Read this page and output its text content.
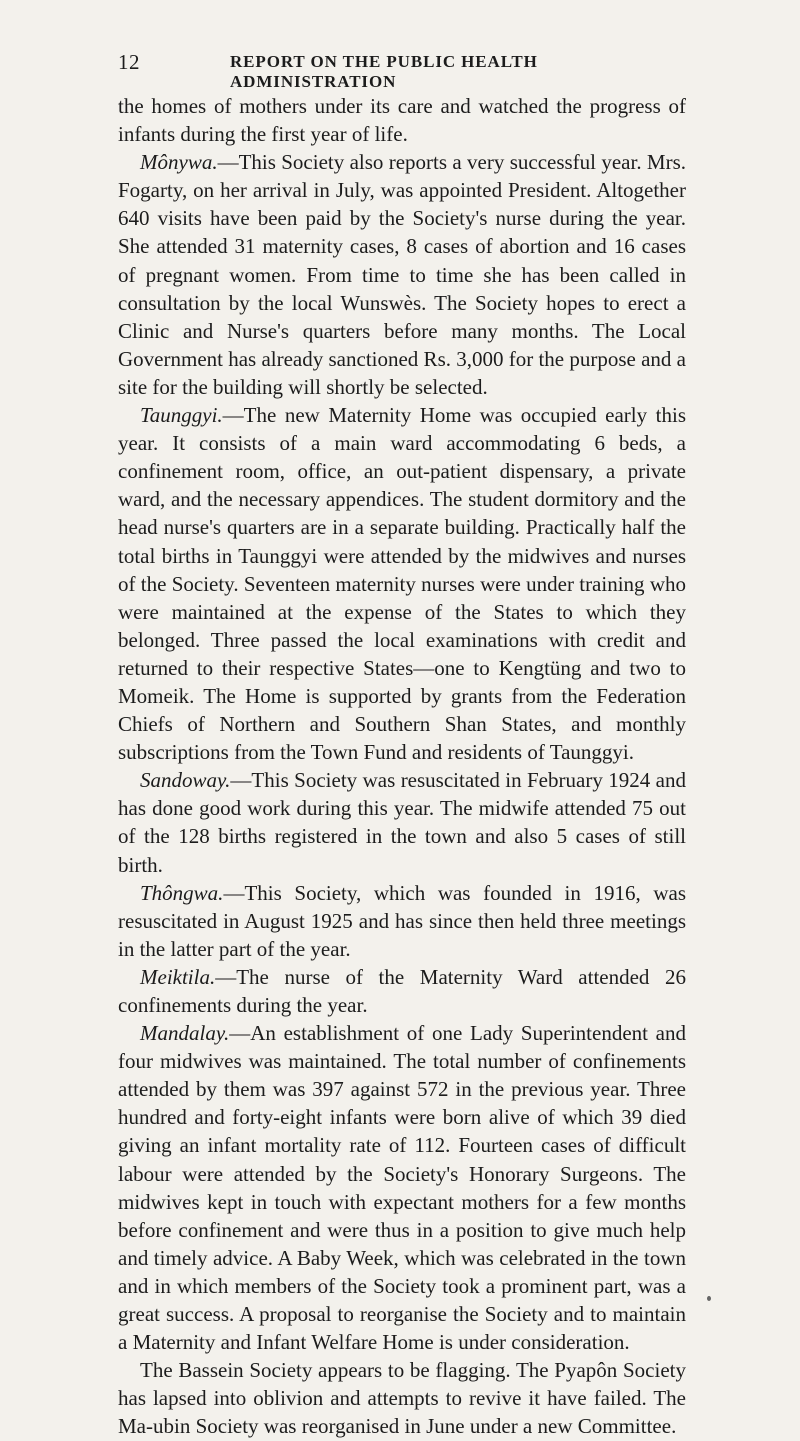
12	REPORT ON THE PUBLIC HEALTH ADMINISTRATION

the homes of mothers under its care and watched the progress of infants during the first year of life.

Mônywa.—This Society also reports a very successful year. Mrs. Fogarty, on her arrival in July, was appointed President. Altogether 640 visits have been paid by the Society's nurse during the year. She attended 31 maternity cases, 8 cases of abortion and 16 cases of pregnant women. From time to time she has been called in consultation by the local Wunswès. The Society hopes to erect a Clinic and Nurse's quarters before many months. The Local Government has already sanctioned Rs. 3,000 for the purpose and a site for the building will shortly be selected.

Taunggyi.—The new Maternity Home was occupied early this year. It consists of a main ward accommodating 6 beds, a confinement room, office, an out-patient dispensary, a private ward, and the necessary appendices. The student dormitory and the head nurse's quarters are in a separate building. Practically half the total births in Taunggyi were attended by the midwives and nurses of the Society. Seventeen maternity nurses were under training who were maintained at the expense of the States to which they belonged. Three passed the local examinations with credit and returned to their respective States—one to Kengtüng and two to Momeik. The Home is supported by grants from the Federation Chiefs of Northern and Southern Shan States, and monthly subscriptions from the Town Fund and residents of Taunggyi.

Sandoway.—This Society was resuscitated in February 1924 and has done good work during this year. The midwife attended 75 out of the 128 births registered in the town and also 5 cases of still birth.

Thôngwa.—This Society, which was founded in 1916, was resuscitated in August 1925 and has since then held three meetings in the latter part of the year.

Meiktila.—The nurse of the Maternity Ward attended 26 confinements during the year.

Mandalay.—An establishment of one Lady Superintendent and four midwives was maintained. The total number of confinements attended by them was 397 against 572 in the previous year. Three hundred and forty-eight infants were born alive of which 39 died giving an infant mortality rate of 112. Fourteen cases of difficult labour were attended by the Society's Honorary Surgeons. The midwives kept in touch with expectant mothers for a few months before confinement and were thus in a position to give much help and timely advice. A Baby Week, which was celebrated in the town and in which members of the Society took a prominent part, was a great success. A proposal to reorganise the Society and to maintain a Maternity and Infant Welfare Home is under consideration.

The Bassein Society appears to be flagging. The Pyapôn Society has lapsed into oblivion and attempts to revive it have failed. The Ma-ubin Society was reorganised in June under a new Committee.
